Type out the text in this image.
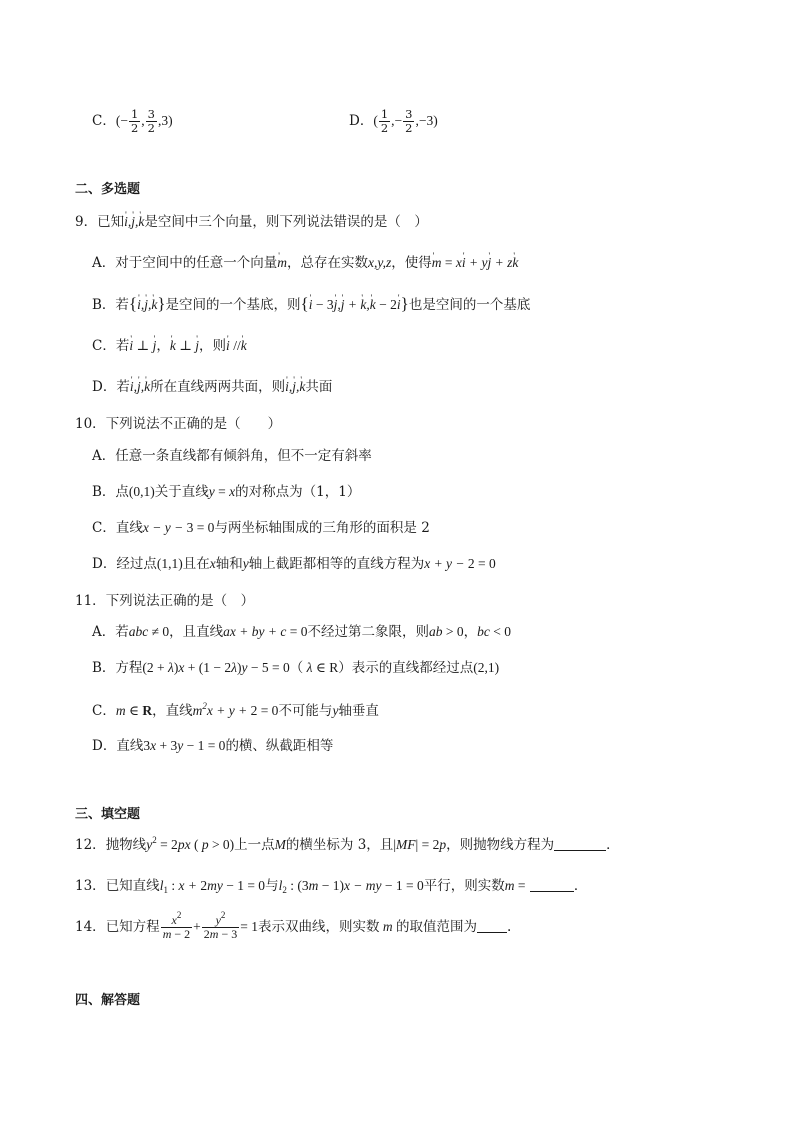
C．(− $\frac{1}{2}$ , $\frac{3}{2} ,3$)	D．( $\frac{1}{2}$ ,− $\frac{3}{2} ,-3$)
二、多选题
9．已知' i,' j,' k是空间中三个向量，则下列说法错误的是（　）
A．对于空间中的任意一个向量' m，总存在实数x,y,z，使得' m = x' i + y' j + z' k
B．若{' i,' j,' k}是空间的一个基底，则{' i − 3' j,' j + ' k,' k − 2' i}也是空间的一个基底
C．若' i ⊥ ' j，' k ⊥ ' j，则' i //' k
D．若' i,' j,' k所在直线两两共面，则' i,' j,' k共面
10．下列说法不正确的是（　　）
A．任意一条直线都有倾斜角，但不一定有斜率
B．点(0,1)关于直线y = x的对称点为（1，1）
C．直线x − y − 3 = 0与两坐标轴围成的三角形的面积是 2
D．经过点(1,1)且在x轴和y轴上截距都相等的直线方程为x + y − 2 = 0
11．下列说法正确的是（　）
A．若abc ≠ 0，且直线ax + by + c = 0不经过第二象限，则ab > 0，bc < 0
B．方程(2 + λ)x + (1 − 2λ)y − 5 = 0（ λ ∈ R）表示的直线都经过点(2,1)
C．m ∈ R，直线$m^2x + y + 2 = 0$不可能与y轴垂直
D．直线3x + 3y − 1 = 0的横、纵截距相等
三、填空题
12．抛物线$y^2 = 2px$ ( p > 0)上一点M的横坐标为 3，且|MF| = 2p，则抛物线方程为	．
13．已知直线$l_1$ : x + 2my − 1 = 0与$l_2$ : (3m − 1)x − my − 1 = 0平行，则实数m =	．
14．已知方程 $\frac{x^2}{m - 2} + \frac{y^2}{2m - 3} = 1$表示双曲线，则实数 m 的取值范围为 .
四、解答题
